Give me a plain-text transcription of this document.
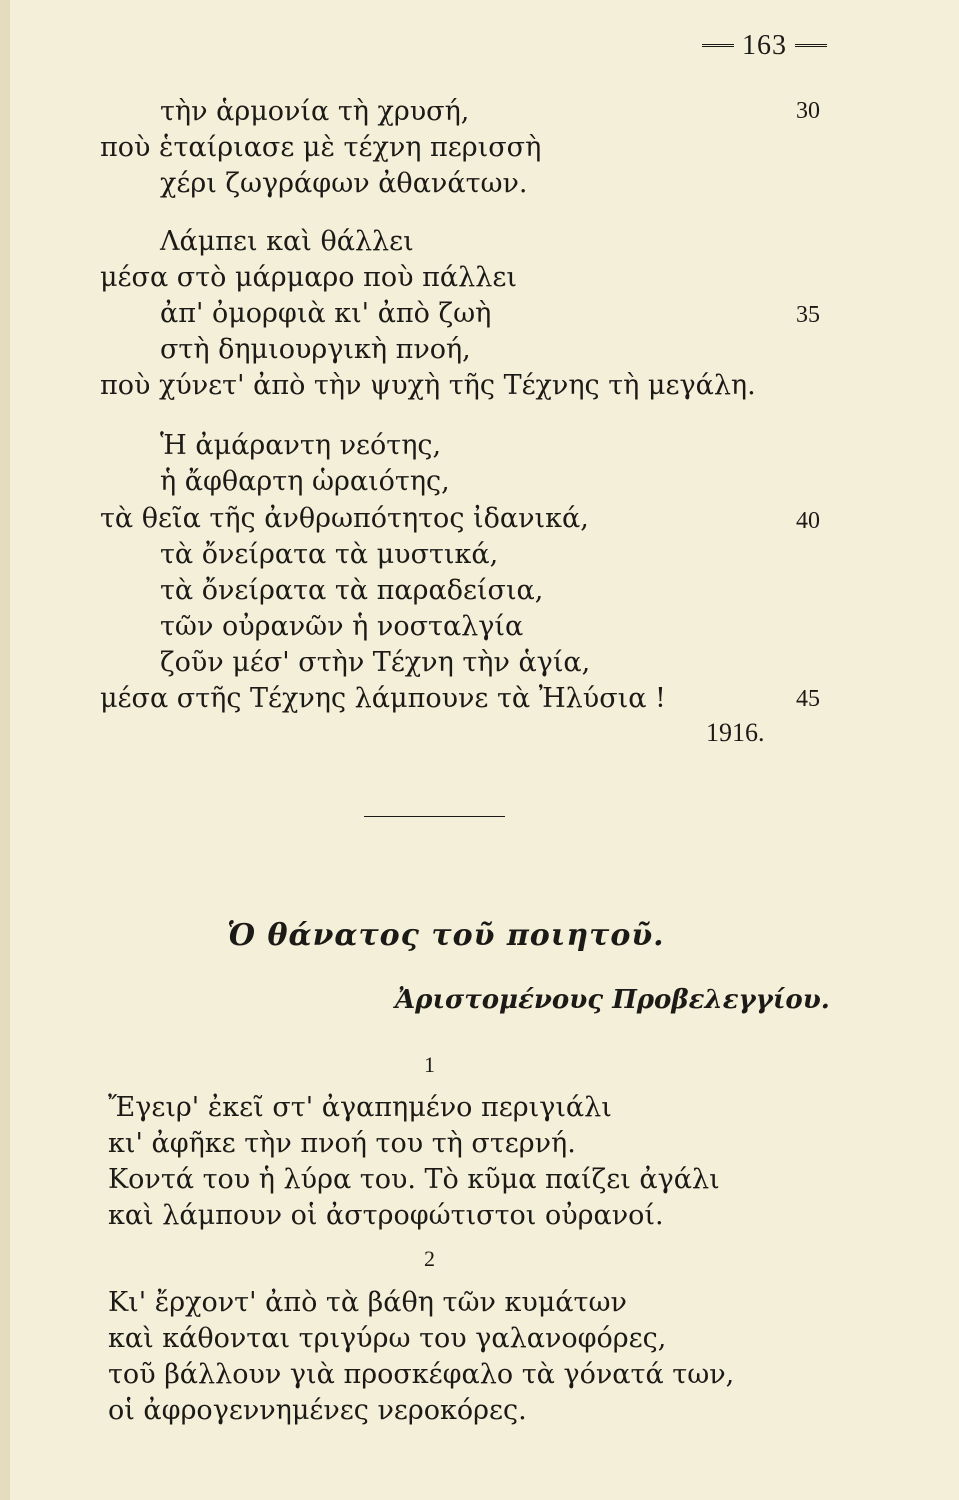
163
τὴν ἁρμονία τὴ χρυσή,
ποὺ ἑταίριασε μὲ τέχνη περισσὴ
χέρι ζωγράφων ἀθανάτων.
Λάμπει καὶ θάλλει
μέσα στὸ μάρμαρο ποὺ πάλλει
ἀπ' ὀμορφιὰ κι' ἀπὸ ζωὴ
στὴ δημιουργικὴ πνοή,
ποὺ χύνετ' ἀπὸ τὴν ψυχὴ τῆς Τέχνης τὴ μεγάλη.
Ἡ ἀμάραντη νεότης,
ἡ ἄφθαρτη ὡραιότης,
τὰ θεῖα τῆς ἀνθρωπότητος ἰδανικά,
τὰ ὄνείρατα τὰ μυστικά,
τὰ ὄνείρατα τὰ παραδείσια,
τῶν οὐρανῶν ἡ νοσταλγία
ζοῦν μέσ' στὴν Τέχνη τὴν ἁγία,
μέσα στῆς Τέχνης λάμπουνε τὰ Ἠλύσια !
30
35
40
45
1916.
Ὁ θάνατος τοῦ ποιητοῦ.
Ἀριστομένους Προβελεγγίου.
1
Ἔγειρ' ἐκεῖ στ' ἀγαπημένο περιγιάλι
κι' ἀφῆκε τὴν πνοή του τὴ στερνή.
Κοντά του ἡ λύρα του. Τὸ κῦμα παίζει ἀγάλι
καὶ λάμπουν οἱ ἀστροφώτιστοι οὐρανοί.
2
Κι' ἔρχοντ' ἀπὸ τὰ βάθη τῶν κυμάτων
καὶ κάθονται τριγύρω του γαλανοφόρες,
τοῦ βάλλουν γιὰ προσκέφαλο τὰ γόνατά των,
οἱ ἀφρογεννημένες νεροκόρες.
